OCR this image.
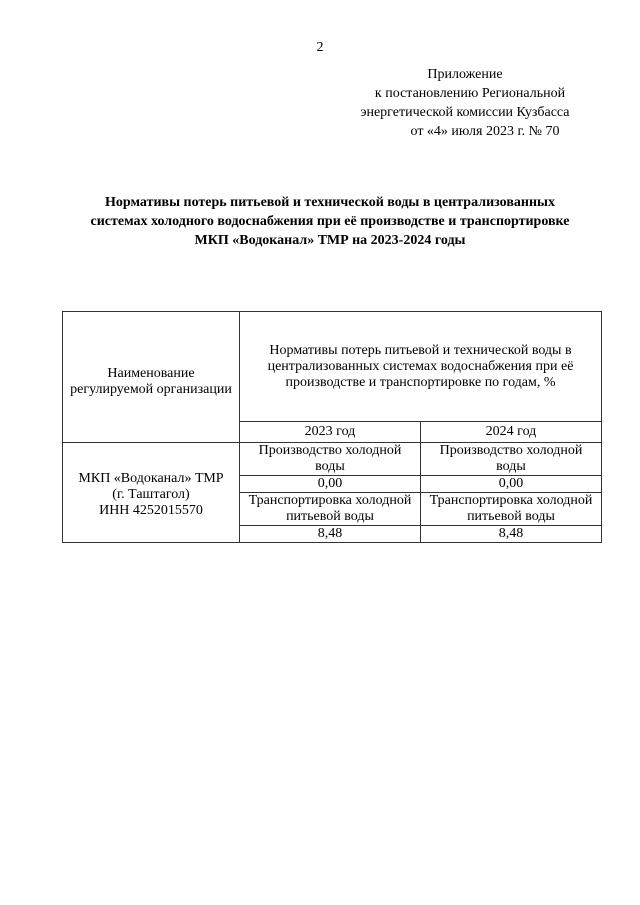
2
Приложение
к постановлению Региональной
энергетической комиссии Кузбасса
от «4» июля 2023 г. № 70
Нормативы потерь питьевой и технической воды в централизованных
системах холодного водоснабжения при её производстве и транспортировке
МКП «Водоканал» ТМР на 2023-2024 годы
Наименование регулируемой организации	Нормативы потерь питьевой и технической воды в централизованных системах водоснабжения при её производстве и транспортировке по годам, %	
	2023 год	2024 год

МКП «Водоканал» ТМР
(г. Таштагол)
ИНН 4252015570	Производство холодной воды	Производство холодной воды
	0,00	0,00
	Транспортировка холодной питьевой воды	Транспортировка холодной питьевой воды
	8,48	8,48
